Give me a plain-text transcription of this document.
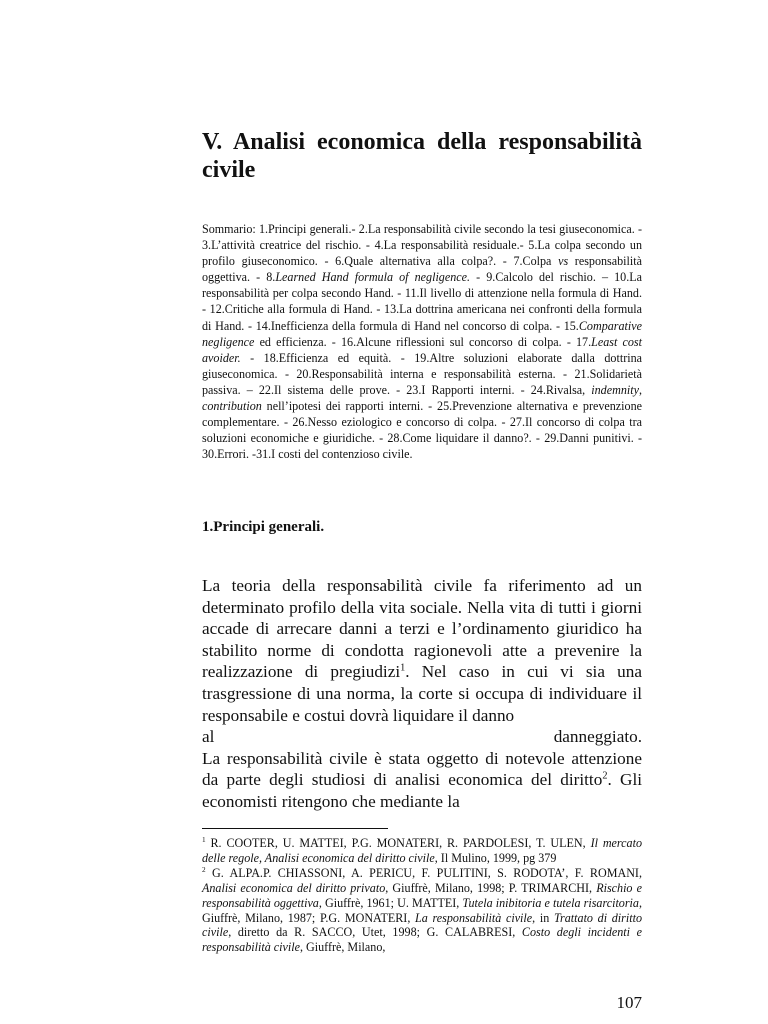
V. Analisi economica della responsabilità civile

Sommario: 1.Principi generali.- 2.La responsabilità civile secondo la tesi giuseconomica. - 3.L’attività creatrice del rischio. - 4.La responsabilità residuale.- 5.La colpa secondo un profilo giuseconomico. - 6.Quale alternativa alla colpa?. - 7.Colpa vs responsabilità oggettiva. - 8.Learned Hand formula of negligence. - 9.Calcolo del rischio. – 10.La responsabilità per colpa secondo Hand. - 11.Il livello di attenzione nella formula di Hand. - 12.Critiche alla formula di Hand. - 13.La dottrina americana nei confronti della formula di Hand. - 14.Inefficienza della formula di Hand nel concorso di colpa. - 15.Comparative negligence ed efficienza. - 16.Alcune riflessioni sul concorso di colpa. - 17.Least cost avoider. - 18.Efficienza ed equità. - 19.Altre soluzioni elaborate dalla dottrina giuseconomica. - 20.Responsabilità interna e responsabilità esterna. - 21.Solidarietà passiva. – 22.Il sistema delle prove. - 23.I Rapporti interni. - 24.Rivalsa, indemnity, contribution nell’ipotesi dei rapporti interni. - 25.Prevenzione alternativa e prevenzione complementare. - 26.Nesso eziologico e concorso di colpa. - 27.Il concorso di colpa tra soluzioni economiche e giuridiche. - 28.Come liquidare il danno?. - 29.Danni punitivi. - 30.Errori. -31.I costi del contenzioso civile.

1.Principi generali.
La teoria della responsabilità civile fa riferimento ad un determinato profilo della vita sociale. Nella vita di tutti i giorni accade di arrecare danni a terzi e l’ordinamento giuridico ha stabilito norme di condotta ragionevoli atte a prevenire la realizzazione di pregiudizi$^1$. Nel caso in cui vi sia una trasgressione di una norma, la corte si occupa di individuare il responsabile e costui dovrà liquidare il danno
al danneggiato.
La responsabilità civile è stata oggetto di notevole attenzione da parte degli studiosi di analisi economica del diritto$^2$. Gli economisti ritengono che mediante la
$^1$ R. COOTER, U. MATTEI, P.G. MONATERI, R. PARDOLESI, T. ULEN, Il mercato delle regole, Analisi economica del diritto civile, Il Mulino, 1999, pg 379
$^2$ G. ALPA.P. CHIASSONI, A. PERICU, F. PULITINI, S. RODOTA’, F. ROMANI, Analisi economica del diritto privato, Giuffrè, Milano, 1998; P. TRIMARCHI, Rischio e responsabilità oggettiva, Giuffrè, 1961; U. MATTEI, Tutela inibitoria e tutela risarcitoria, Giuffrè, Milano, 1987; P.G. MONATERI, La responsabilità civile, in Trattato di diritto civile, diretto da R. SACCO, Utet, 1998; G. CALABRESI, Costo degli incidenti e responsabilità civile, Giuffrè, Milano,
107
